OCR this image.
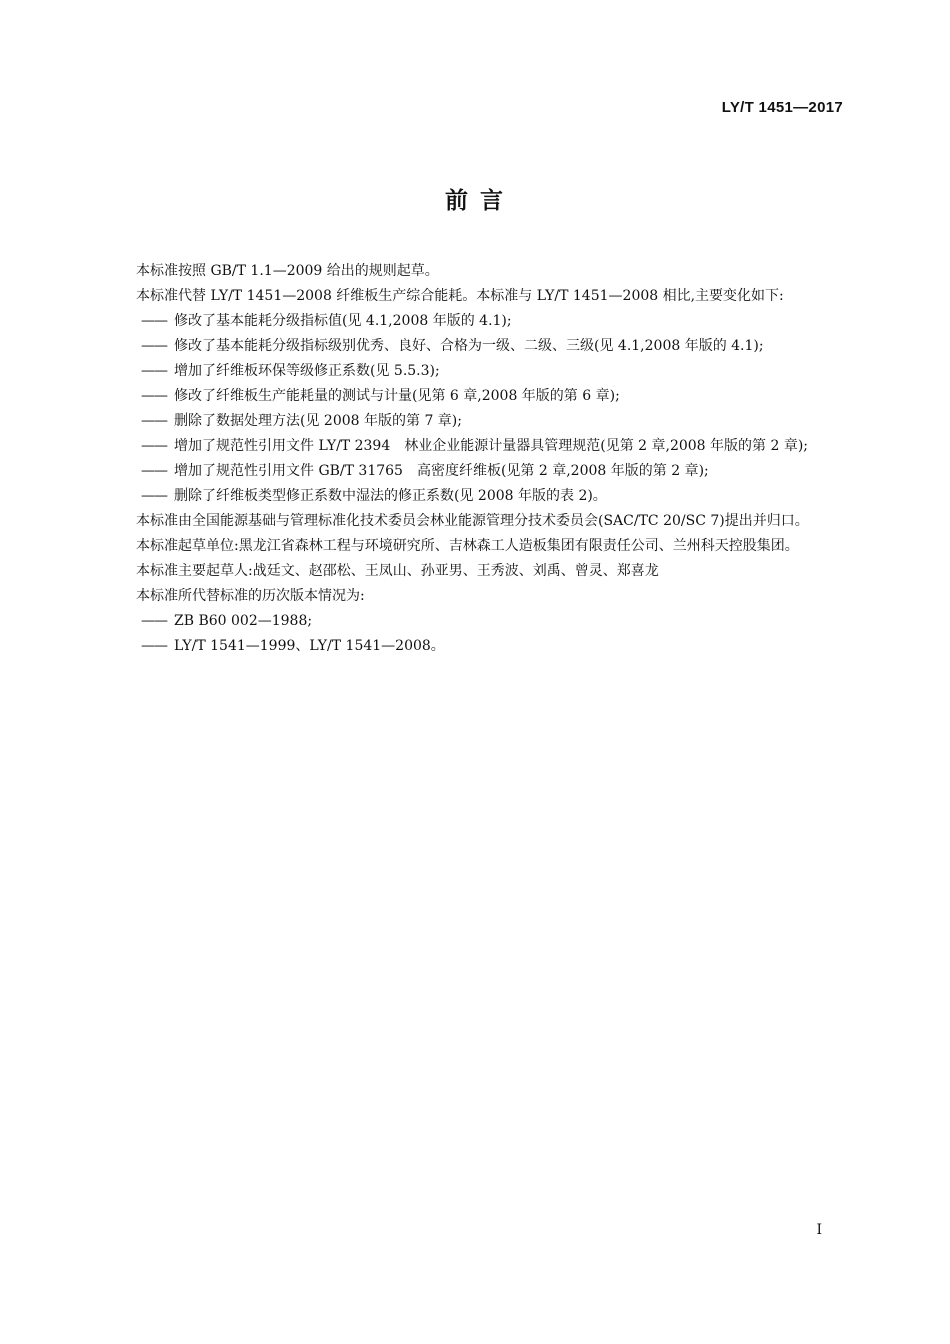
LY/T 1451—2017
前 言

本标准按照 GB/T 1.1—2009 给出的规则起草。

本标准代替 LY/T 1451—2008 纤维板生产综合能耗。本标准与 LY/T 1451—2008 相比,主要变化如下:

—— 修改了基本能耗分级指标值(见 4.1,2008 年版的 4.1);

—— 修改了基本能耗分级指标级别优秀、良好、合格为一级、二级、三级(见 4.1,2008 年版的 4.1);

—— 增加了纤维板环保等级修正系数(见 5.5.3);

—— 修改了纤维板生产能耗量的测试与计量(见第 6 章,2008 年版的第 6 章);

—— 删除了数据处理方法(见 2008 年版的第 7 章);

—— 增加了规范性引用文件 LY/T 2394　林业企业能源计量器具管理规范(见第 2 章,2008 年版的第 2 章);

—— 增加了规范性引用文件 GB/T 31765　高密度纤维板(见第 2 章,2008 年版的第 2 章);

—— 删除了纤维板类型修正系数中湿法的修正系数(见 2008 年版的表 2)。

本标准由全国能源基础与管理标准化技术委员会林业能源管理分技术委员会(SAC/TC 20/SC 7)提出并归口。

本标准起草单位:黑龙江省森林工程与环境研究所、吉林森工人造板集团有限责任公司、兰州科天控股集团。

本标准主要起草人:战廷文、赵邵松、王凤山、孙亚男、王秀波、刘禹、曾灵、郑喜龙

本标准所代替标准的历次版本情况为:

—— ZB B60 002—1988;

—— LY/T 1541—1999、LY/T 1541—2008。

I
